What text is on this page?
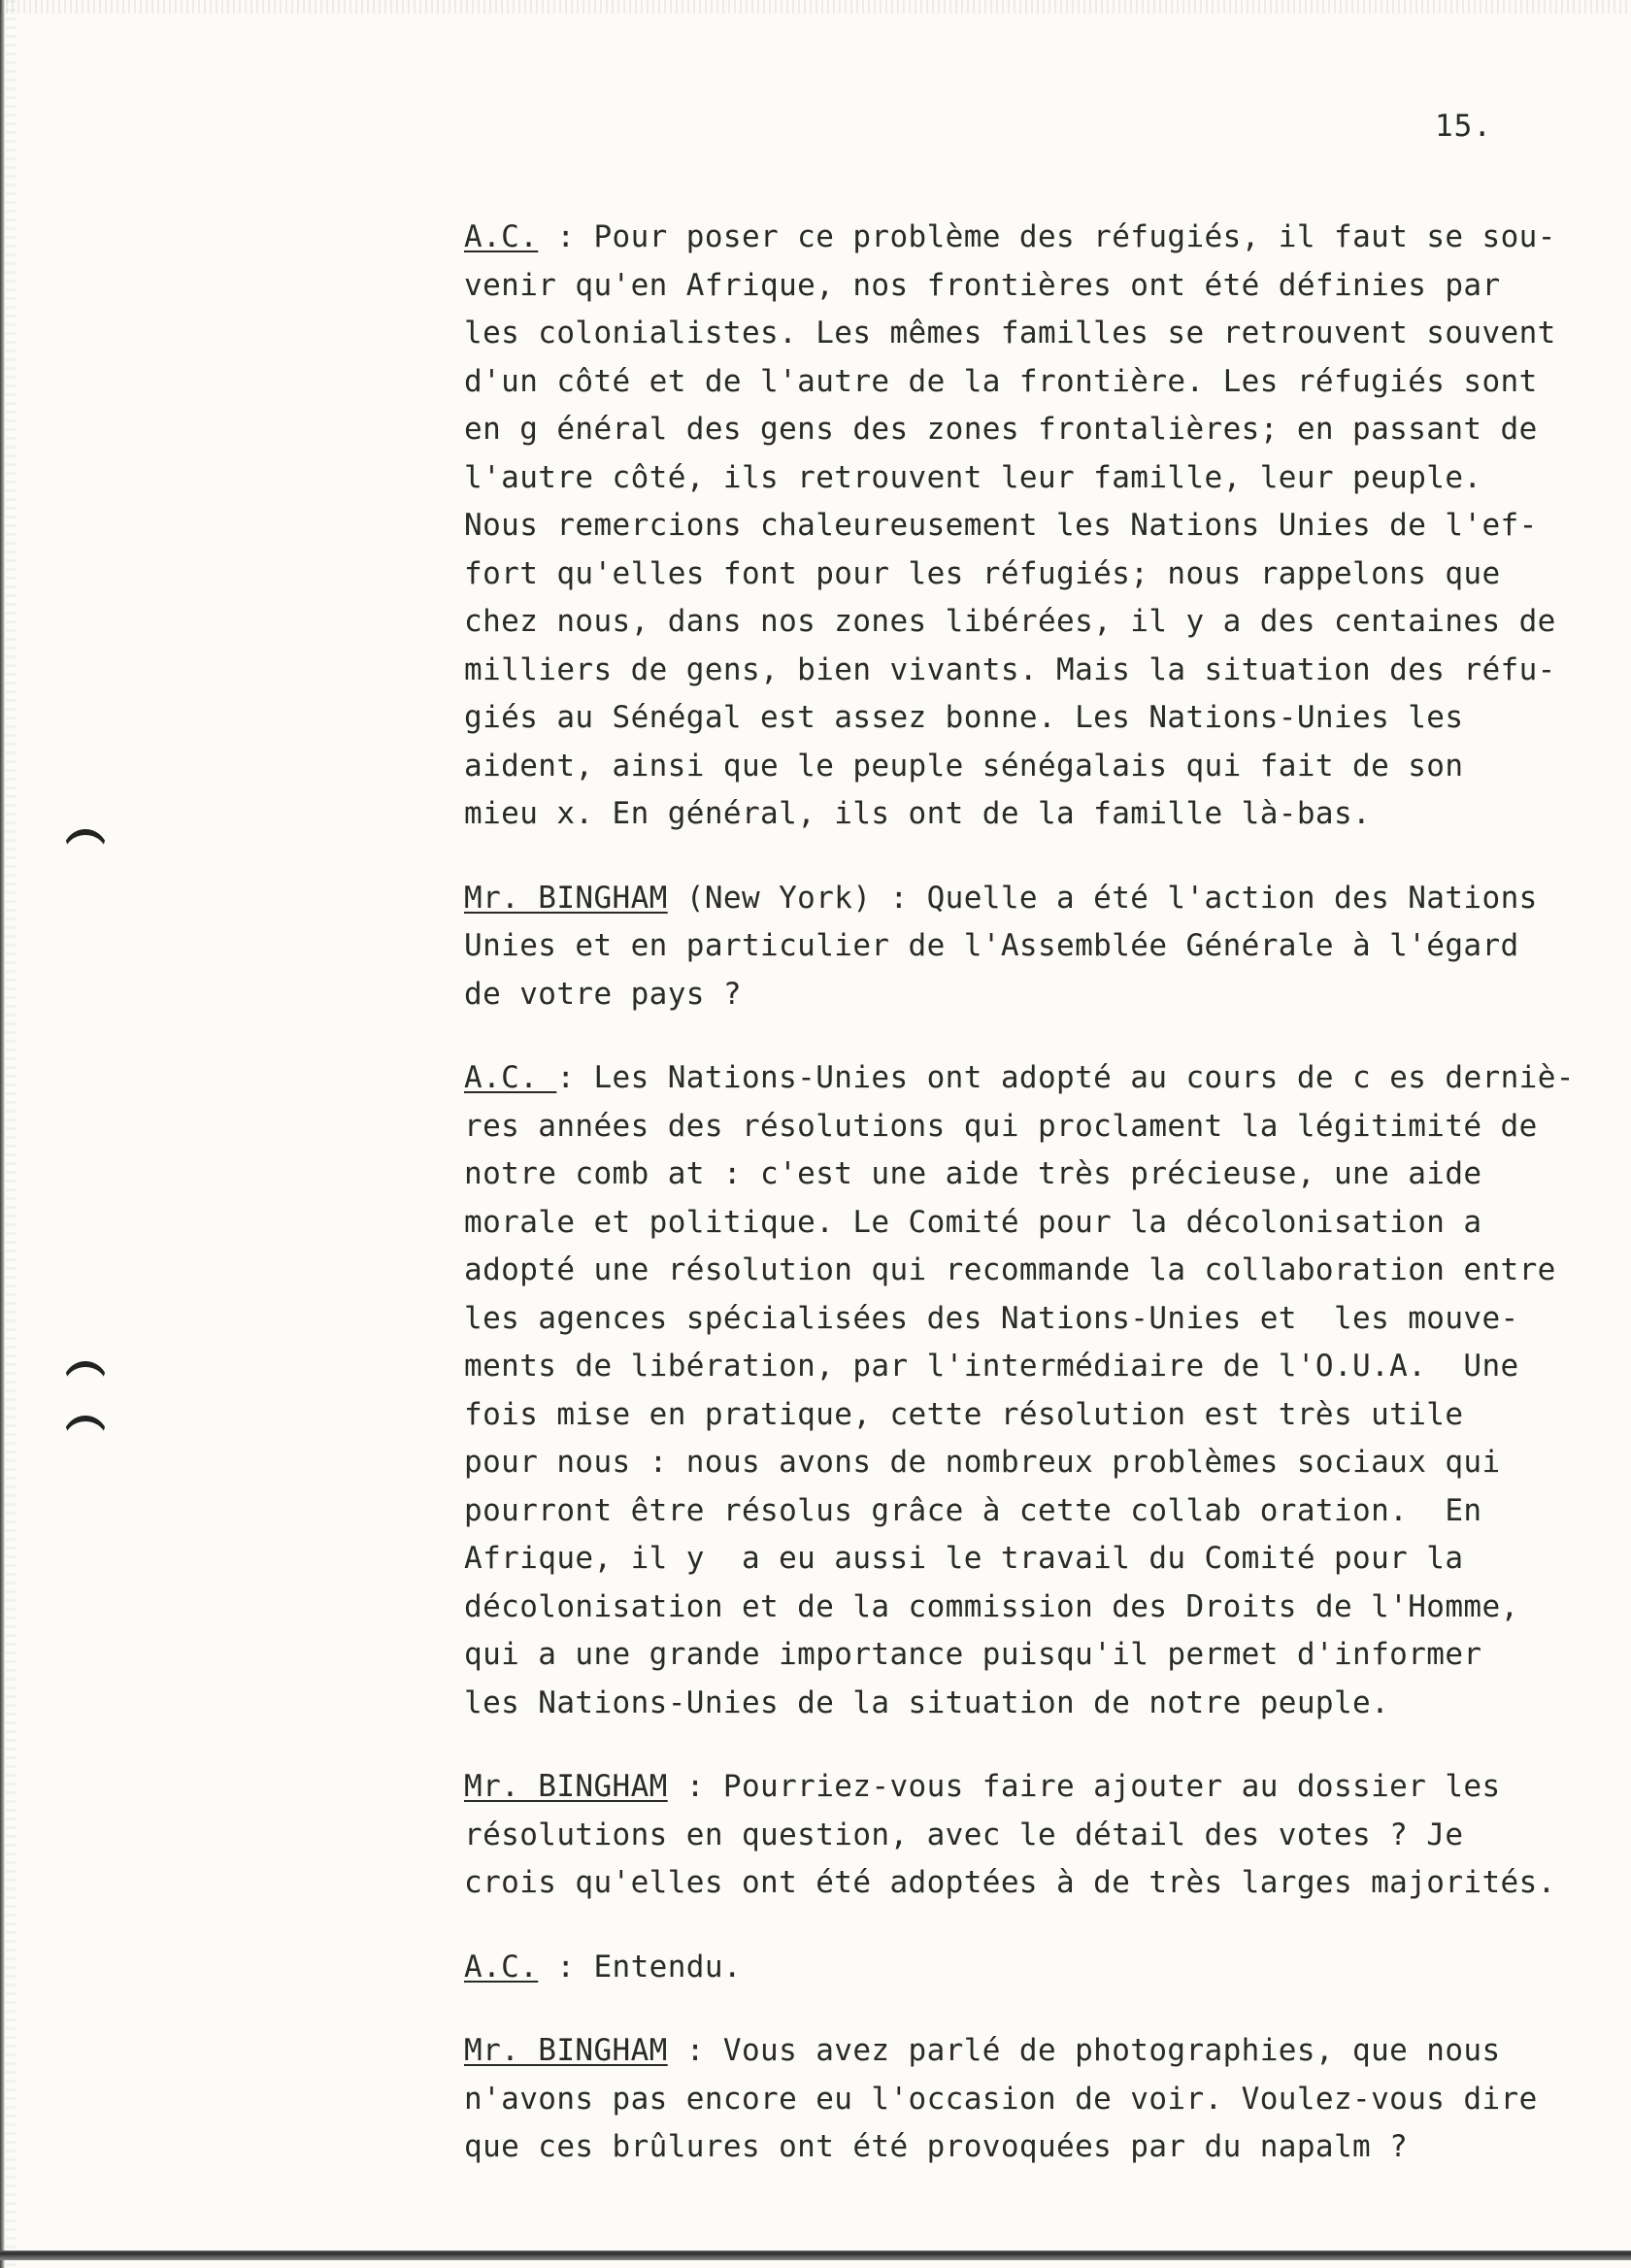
15.
A.C. : Pour poser ce problème des réfugiés, il faut se sou-
venir qu'en Afrique, nos frontières ont été définies par
les colonialistes. Les mêmes familles se retrouvent souvent
d'un côté et de l'autre de la frontière. Les réfugiés sont
en g énéral des gens des zones frontalières; en passant de
l'autre côté, ils retrouvent leur famille, leur peuple.
Nous remercions chaleureusement les Nations Unies de l'ef-
fort qu'elles font pour les réfugiés; nous rappelons que
chez nous, dans nos zones libérées, il y a des centaines de
milliers de gens, bien vivants. Mais la situation des réfu-
giés au Sénégal est assez bonne. Les Nations-Unies les
aident, ainsi que le peuple sénégalais qui fait de son
mieu x. En général, ils ont de la famille là-bas.
Mr. BINGHAM (New York) : Quelle a été l'action des Nations
Unies et en particulier de l'Assemblée Générale à l'égard
de votre pays ?
A.C. : Les Nations-Unies ont adopté au cours de c es derniè-
res années des résolutions qui proclament la légitimité de
notre comb at : c'est une aide très précieuse, une aide
morale et politique. Le Comité pour la décolonisation a
adopté une résolution qui recommande la collaboration entre
les agences spécialisées des Nations-Unies et  les mouve-
ments de libération, par l'intermédiaire de l'O.U.A.  Une
fois mise en pratique, cette résolution est très utile
pour nous : nous avons de nombreux problèmes sociaux qui
pourront être résolus grâce à cette collab oration.  En
Afrique, il y  a eu aussi le travail du Comité pour la
décolonisation et de la commission des Droits de l'Homme,
qui a une grande importance puisqu'il permet d'informer
les Nations-Unies de la situation de notre peuple.
Mr. BINGHAM : Pourriez-vous faire ajouter au dossier les
résolutions en question, avec le détail des votes ? Je
crois qu'elles ont été adoptées à de très larges majorités.
A.C. : Entendu.
Mr. BINGHAM : Vous avez parlé de photographies, que nous
n'avons pas encore eu l'occasion de voir. Voulez-vous dire
que ces brûlures ont été provoquées par du napalm ?
